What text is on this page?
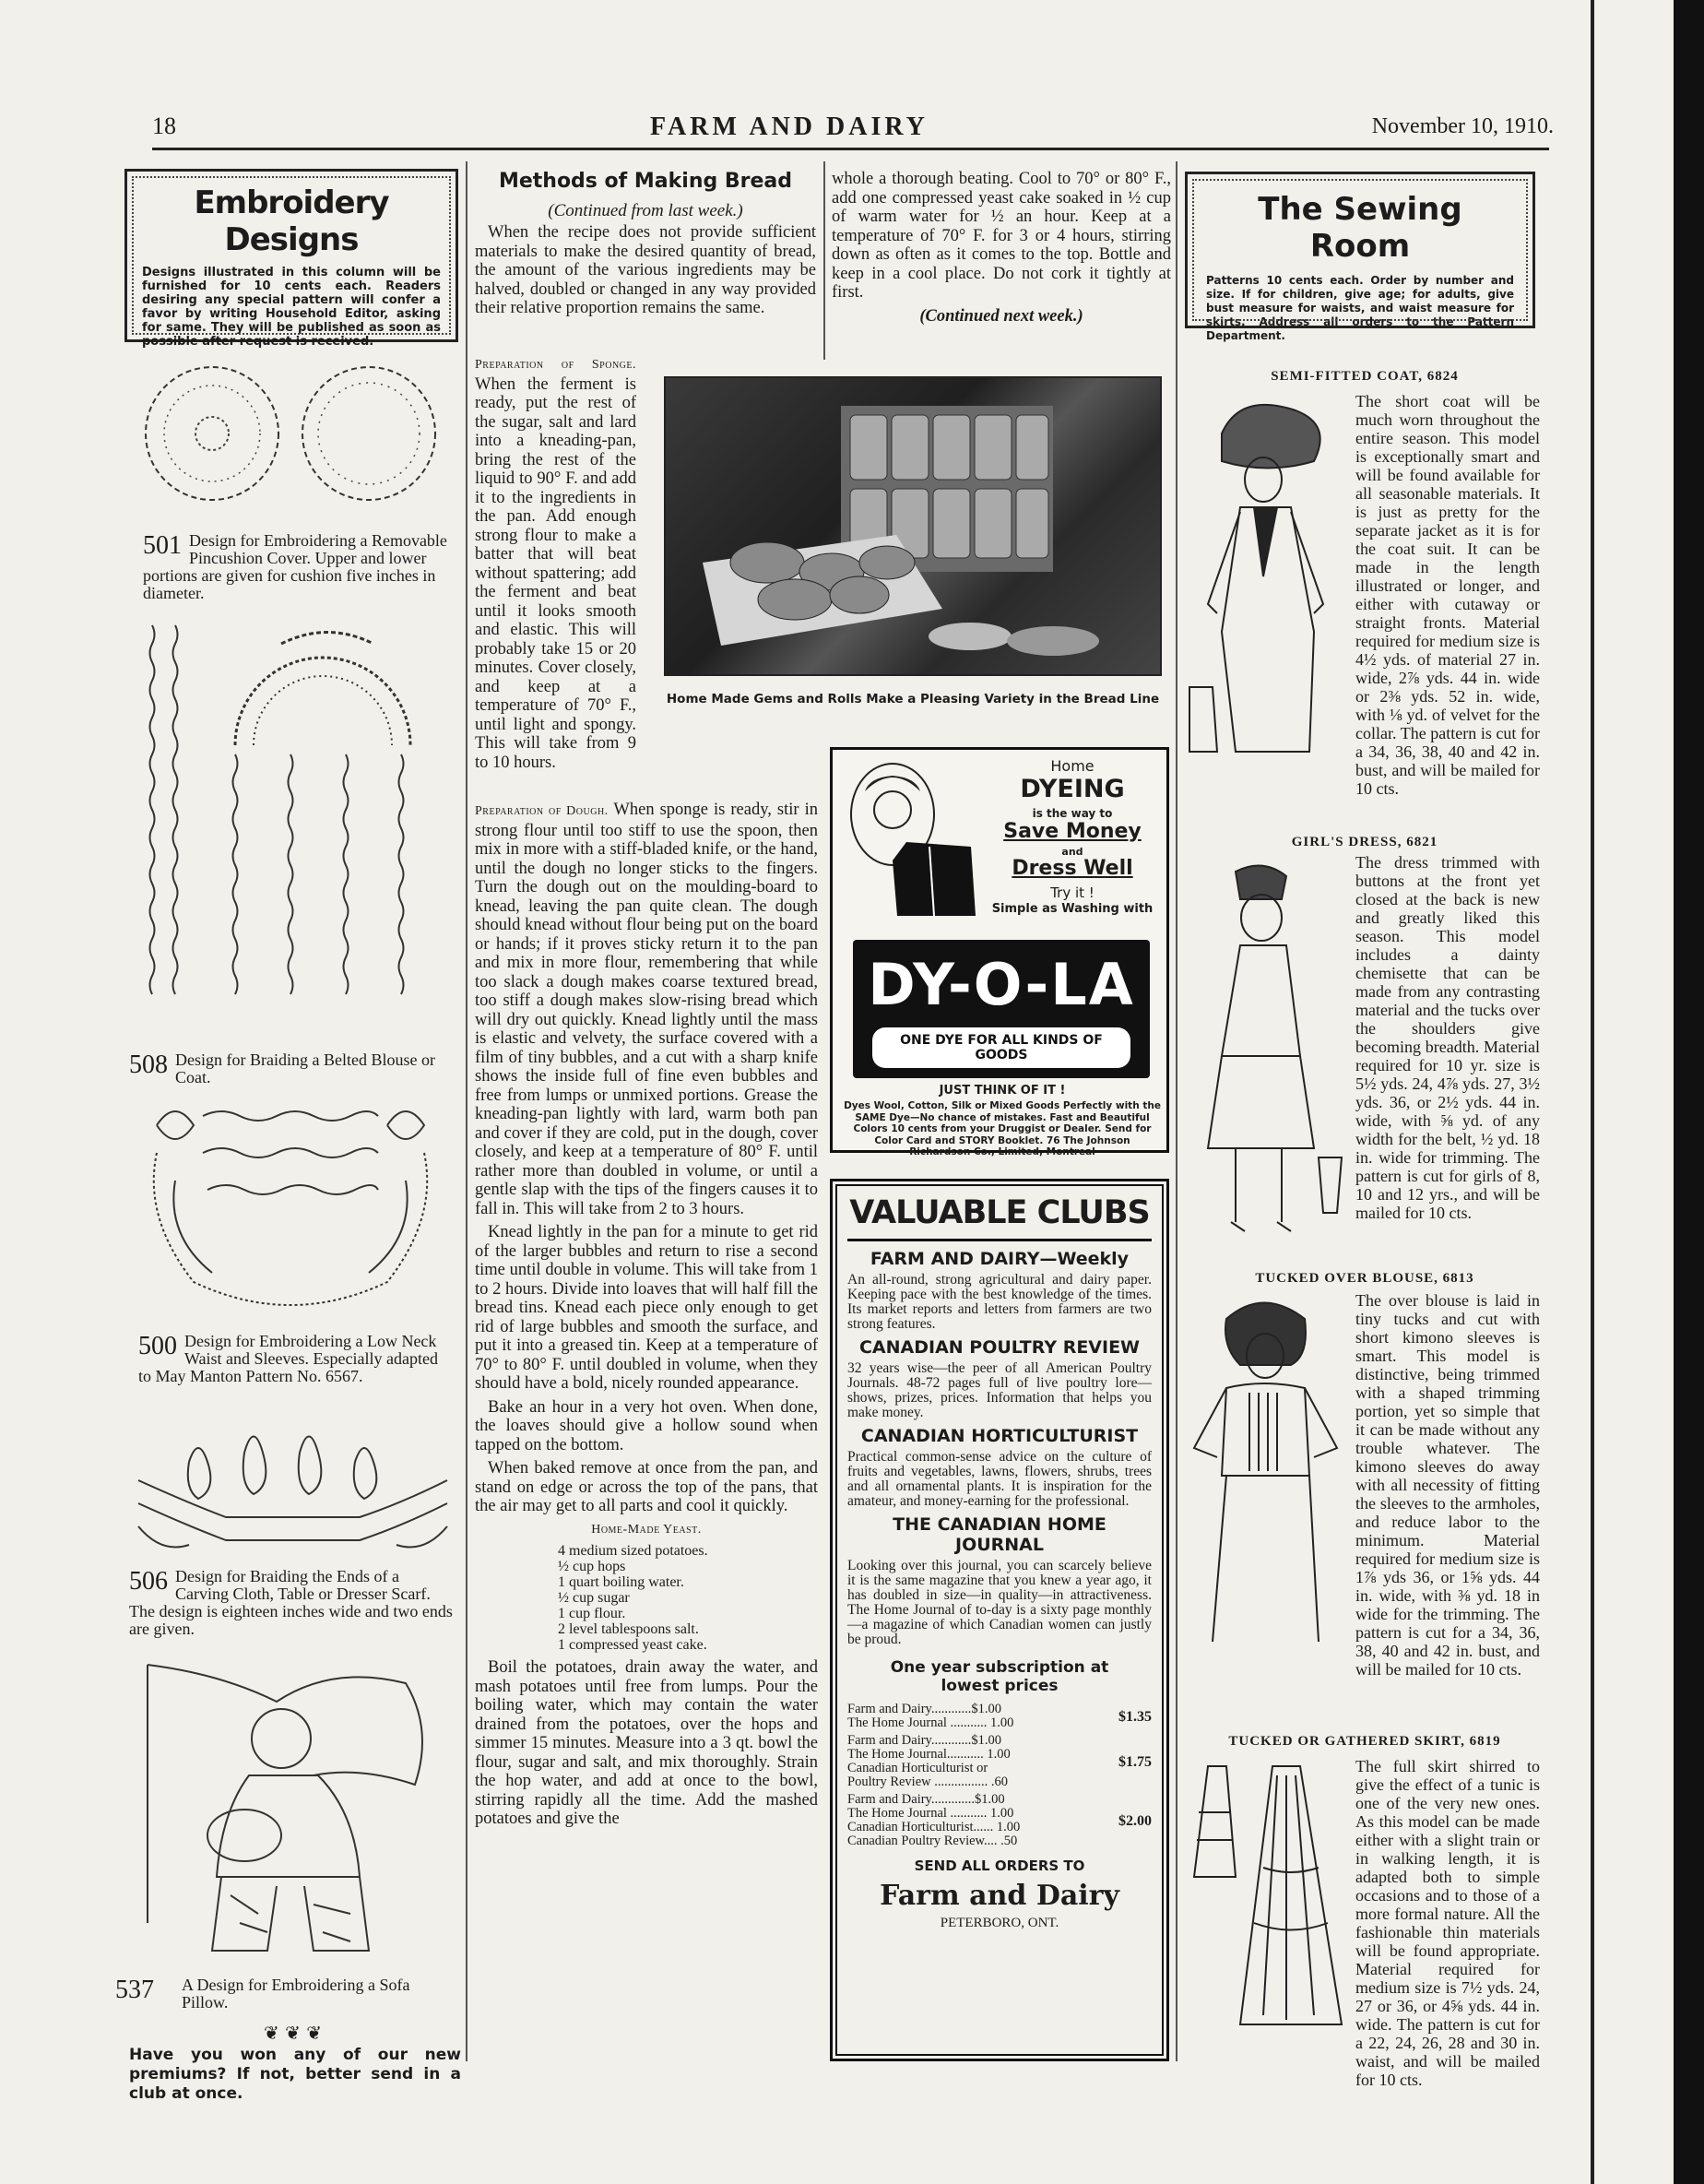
18	FARM AND DAIRY	November 10, 1910.
Embroidery Designs
Designs illustrated in this column will be furnished for 10 cents each. Readers desiring any special pattern will confer a favor by writing Household Editor, asking for same. They will be published as soon as possible after request is received.
501 Design for Embroidering a Removable Pincushion Cover. Upper and lower portions are given for cushion five inches in diameter.
508 Design for Braiding a Belted Blouse or Coat.
500 Design for Embroidering a Low Neck Waist and Sleeves. Especially adapted to May Manton Pattern No. 6567.
506 Design for Braiding the Ends of a Carving Cloth, Table or Dresser Scarf. The design is eighteen inches wide and two ends are given.
537 A Design for Embroidering a Sofa Pillow.
❦ ❦ ❦
Have you won any of our new premiums? If not, better send in a club at once.
Methods of Making Bread
(Continued from last week.)

When the recipe does not provide sufficient materials to make the desired quantity of bread, the amount of the various ingredients may be halved, doubled or changed in any way provided their relative proportion remains the same.

Preparation of Sponge. When the ferment is ready, put the rest of the sugar, salt and lard into a kneading-pan, bring the rest of the liquid to 90° F. and add it to the ingredients in the pan. Add enough strong flour to make a batter that will beat without spattering; add the ferment and beat until it looks smooth and elastic. This will probably take 15 or 20 minutes. Cover closely, and keep at a temperature of 70° F., until light and spongy. This will take from 9 to 10 hours.

Home Made Gems and Rolls Make a Pleasing Variety in the Bread Line

Preparation of Dough. When sponge is ready, stir in strong flour until too stiff to use the spoon, then mix in more with a stiff-bladed knife, or the hand, until the dough no longer sticks to the fingers. Turn the dough out on the moulding-board to knead, leaving the pan quite clean. The dough should knead without flour being put on the board or hands; if it proves sticky return it to the pan and mix in more flour, remembering that while too slack a dough makes coarse textured bread, too stiff a dough makes slow-rising bread which will dry out quickly. Knead lightly until the mass is elastic and velvety, the surface covered with a film of tiny bubbles, and a cut with a sharp knife shows the inside full of fine even bubbles and free from lumps or unmixed portions. Grease the kneading-pan lightly with lard, warm both pan and cover if they are cold, put in the dough, cover closely, and keep at a temperature of 80° F. until rather more than doubled in volume, or until a gentle slap with the tips of the fingers causes it to fall in. This will take from 2 to 3 hours.

Knead lightly in the pan for a minute to get rid of the larger bubbles and return to rise a second time until double in volume. This will take from 1 to 2 hours. Divide into loaves that will half fill the bread tins. Knead each piece only enough to get rid of large bubbles and smooth the surface, and put it into a greased tin. Keep at a temperature of 70° to 80° F. until doubled in volume, when they should have a bold, nicely rounded appearance.

Bake an hour in a very hot oven. When done, the loaves should give a hollow sound when tapped on the bottom.

When baked remove at once from the pan, and stand on edge or across the top of the pans, that the air may get to all parts and cool it quickly.

Home-Made Yeast.
4 medium sized potatoes.
½ cup hops
1 quart boiling water.
½ cup sugar
1 cup flour.
2 level tablespoons salt.
1 compressed yeast cake.

Boil the potatoes, drain away the water, and mash potatoes until free from lumps. Pour the boiling water, which may contain the water drained from the potatoes, over the hops and simmer 15 minutes. Measure into a 3 qt. bowl the flour, sugar and salt, and mix thoroughly. Strain the hop water, and add at once to the bowl, stirring rapidly all the time. Add the mashed potatoes and give the

whole a thorough beating. Cool to 70° or 80° F., add one compressed yeast cake soaked in ½ cup of warm water for ½ an hour. Keep at a temperature of 70° F. for 3 or 4 hours, stirring down as often as it comes to the top. Bottle and keep in a cool place. Do not cork it tightly at first.

(Continued next week.)
Home
DYEING
is the way to
Save Money
and
Dress Well
Try it !
Simple as Washing with
DY-O-LA
ONE DYE FOR ALL KINDS OF GOODS
JUST THINK OF IT !
Dyes Wool, Cotton, Silk or Mixed Goods Perfectly with the SAME Dye—No chance of mistakes. Fast and Beautiful Colors 10 cents from your Druggist or Dealer. Send for Color Card and STORY Booklet. 76 The Johnson Richardson Co., Limited, Montreal
VALUABLE CLUBS
FARM AND DAIRY—Weekly

An all-round, strong agricultural and dairy paper. Keeping pace with the best knowledge of the times. Its market reports and letters from farmers are two strong features.

CANADIAN POULTRY REVIEW

32 years wise—the peer of all American Poultry Journals. 48-72 pages full of live poultry lore—shows, prizes, prices. Information that helps you make money.

CANADIAN HORTICULTURIST

Practical common-sense advice on the culture of fruits and vegetables, lawns, flowers, shrubs, trees and all ornamental plants. It is inspiration for the amateur, and money-earning for the professional.

THE CANADIAN HOME JOURNAL

Looking over this journal, you can scarcely believe it is the same magazine that you knew a year ago, it has doubled in size—in quality—in attractiveness. The Home Journal of to-day is a sixty page monthly—a magazine of which Canadian women can justly be proud.

One year subscription at lowest prices
Farm and Dairy............$1.00
The Home Journal ........... 1.00	$1.35
Farm and Dairy............$1.00
The Home Journal........... 1.00
Canadian Horticulturist or
Poultry Review ................ .60
$1.75
Farm and Dairy.............$1.00
The Home Journal ........... 1.00
Canadian Horticulturist...... 1.00
Canadian Poultry Review.... .50
$2.00
SEND ALL ORDERS TO
Farm and Dairy
PETERBORO, ONT.
The Sewing Room
Patterns 10 cents each. Order by number and size. If for children, give age; for adults, give bust measure for waists, and waist measure for skirts. Address all orders to the Pattern Department.
SEMI-FITTED COAT, 6824
The short coat will be much worn throughout the entire season. This model is exceptionally smart and will be found available for all seasonable materials. It is just as pretty for the separate jacket as it is for the coat suit. It can be made in the length illustrated or longer, and either with cutaway or straight fronts. Material required for medium size is 4½ yds. of material 27 in. wide, 2⅞ yds. 44 in. wide or 2⅜ yds. 52 in. wide, with ⅛ yd. of velvet for the collar. The pattern is cut for a 34, 36, 38, 40 and 42 in. bust, and will be mailed for 10 cts.
GIRL'S DRESS, 6821
The dress trimmed with buttons at the front yet closed at the back is new and greatly liked this season. This model includes a dainty chemisette that can be made from any contrasting material and the tucks over the shoulders give becoming breadth. Material required for 10 yr. size is 5½ yds. 24, 4⅞ yds. 27, 3½ yds. 36, or 2½ yds. 44 in. wide, with ⅝ yd. of any width for the belt, ½ yd. 18 in. wide for trimming. The pattern is cut for girls of 8, 10 and 12 yrs., and will be mailed for 10 cts.
TUCKED OVER BLOUSE, 6813
The over blouse is laid in tiny tucks and cut with short kimono sleeves is smart. This model is distinctive, being trimmed with a shaped trimming portion, yet so simple that it can be made without any trouble whatever. The kimono sleeves do away with all necessity of fitting the sleeves to the armholes, and reduce labor to the minimum. Material required for medium size is 1⅞ yds 36, or 1⅝ yds. 44 in. wide, with ⅜ yd. 18 in wide for the trimming. The pattern is cut for a 34, 36, 38, 40 and 42 in. bust, and will be mailed for 10 cts.
TUCKED OR GATHERED SKIRT, 6819
The full skirt shirred to give the effect of a tunic is one of the very new ones. As this model can be made either with a slight train or in walking length, it is adapted both to simple occasions and to those of a more formal nature. All the fashionable thin materials will be found appropriate. Material required for medium size is 7½ yds. 24, 27 or 36, or 4⅝ yds. 44 in. wide. The pattern is cut for a 22, 24, 26, 28 and 30 in. waist, and will be mailed for 10 cts.
